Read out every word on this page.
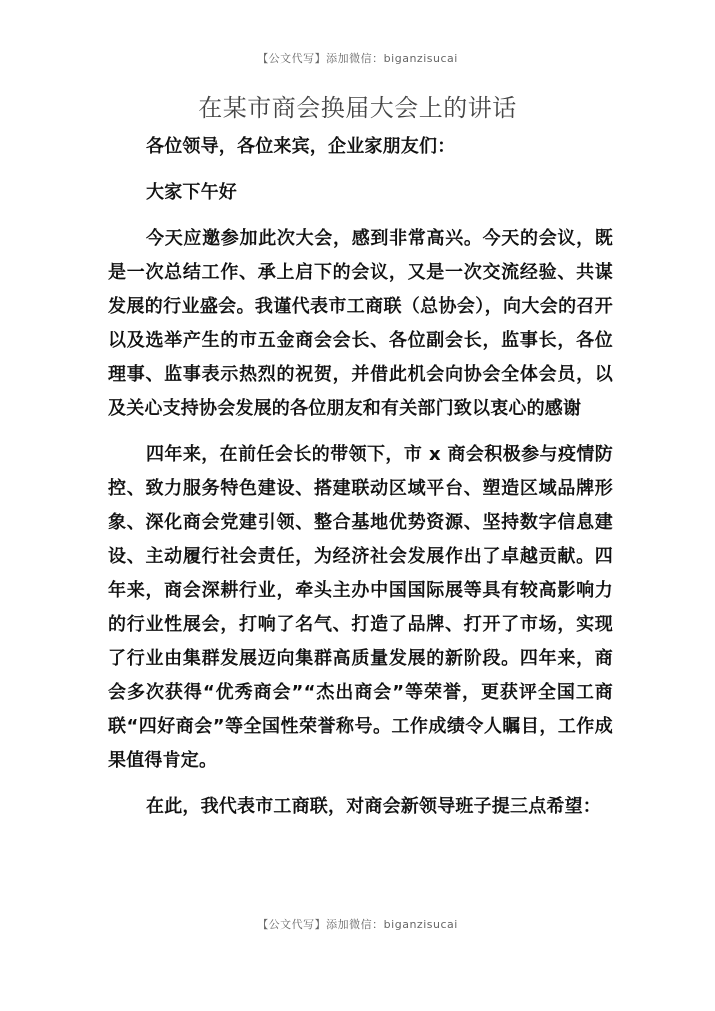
【公文代写】添加微信：biganzisucai
在某市商会换届大会上的讲话

各位领导，各位来宾，企业家朋友们：

大家下午好

今天应邀参加此次大会，感到非常高兴。今天的会议，既是一次总结工作、承上启下的会议，又是一次交流经验、共谋发展的行业盛会。我谨代表市工商联（总协会），向大会的召开以及选举产生的市五金商会会长、各位副会长，监事长，各位理事、监事表示热烈的祝贺，并借此机会向协会全体会员，以及关心支持协会发展的各位朋友和有关部门致以衷心的感谢

四年来，在前任会长的带领下，市 x 商会积极参与疫情防控、致力服务特色建设、搭建联动区域平台、塑造区域品牌形象、深化商会党建引领、整合基地优势资源、坚持数字信息建设、主动履行社会责任，为经济社会发展作出了卓越贡献。四年来，商会深耕行业，牵头主办中国国际展等具有较高影响力的行业性展会，打响了名气、打造了品牌、打开了市场，实现了行业由集群发展迈向集群高质量发展的新阶段。四年来，商会多次获得“优秀商会”“杰出商会”等荣誉，更获评全国工商联“四好商会”等全国性荣誉称号。工作成绩令人瞩目，工作成果值得肯定。

在此，我代表市工商联，对商会新领导班子提三点希望：

【公文代写】添加微信：biganzisucai
